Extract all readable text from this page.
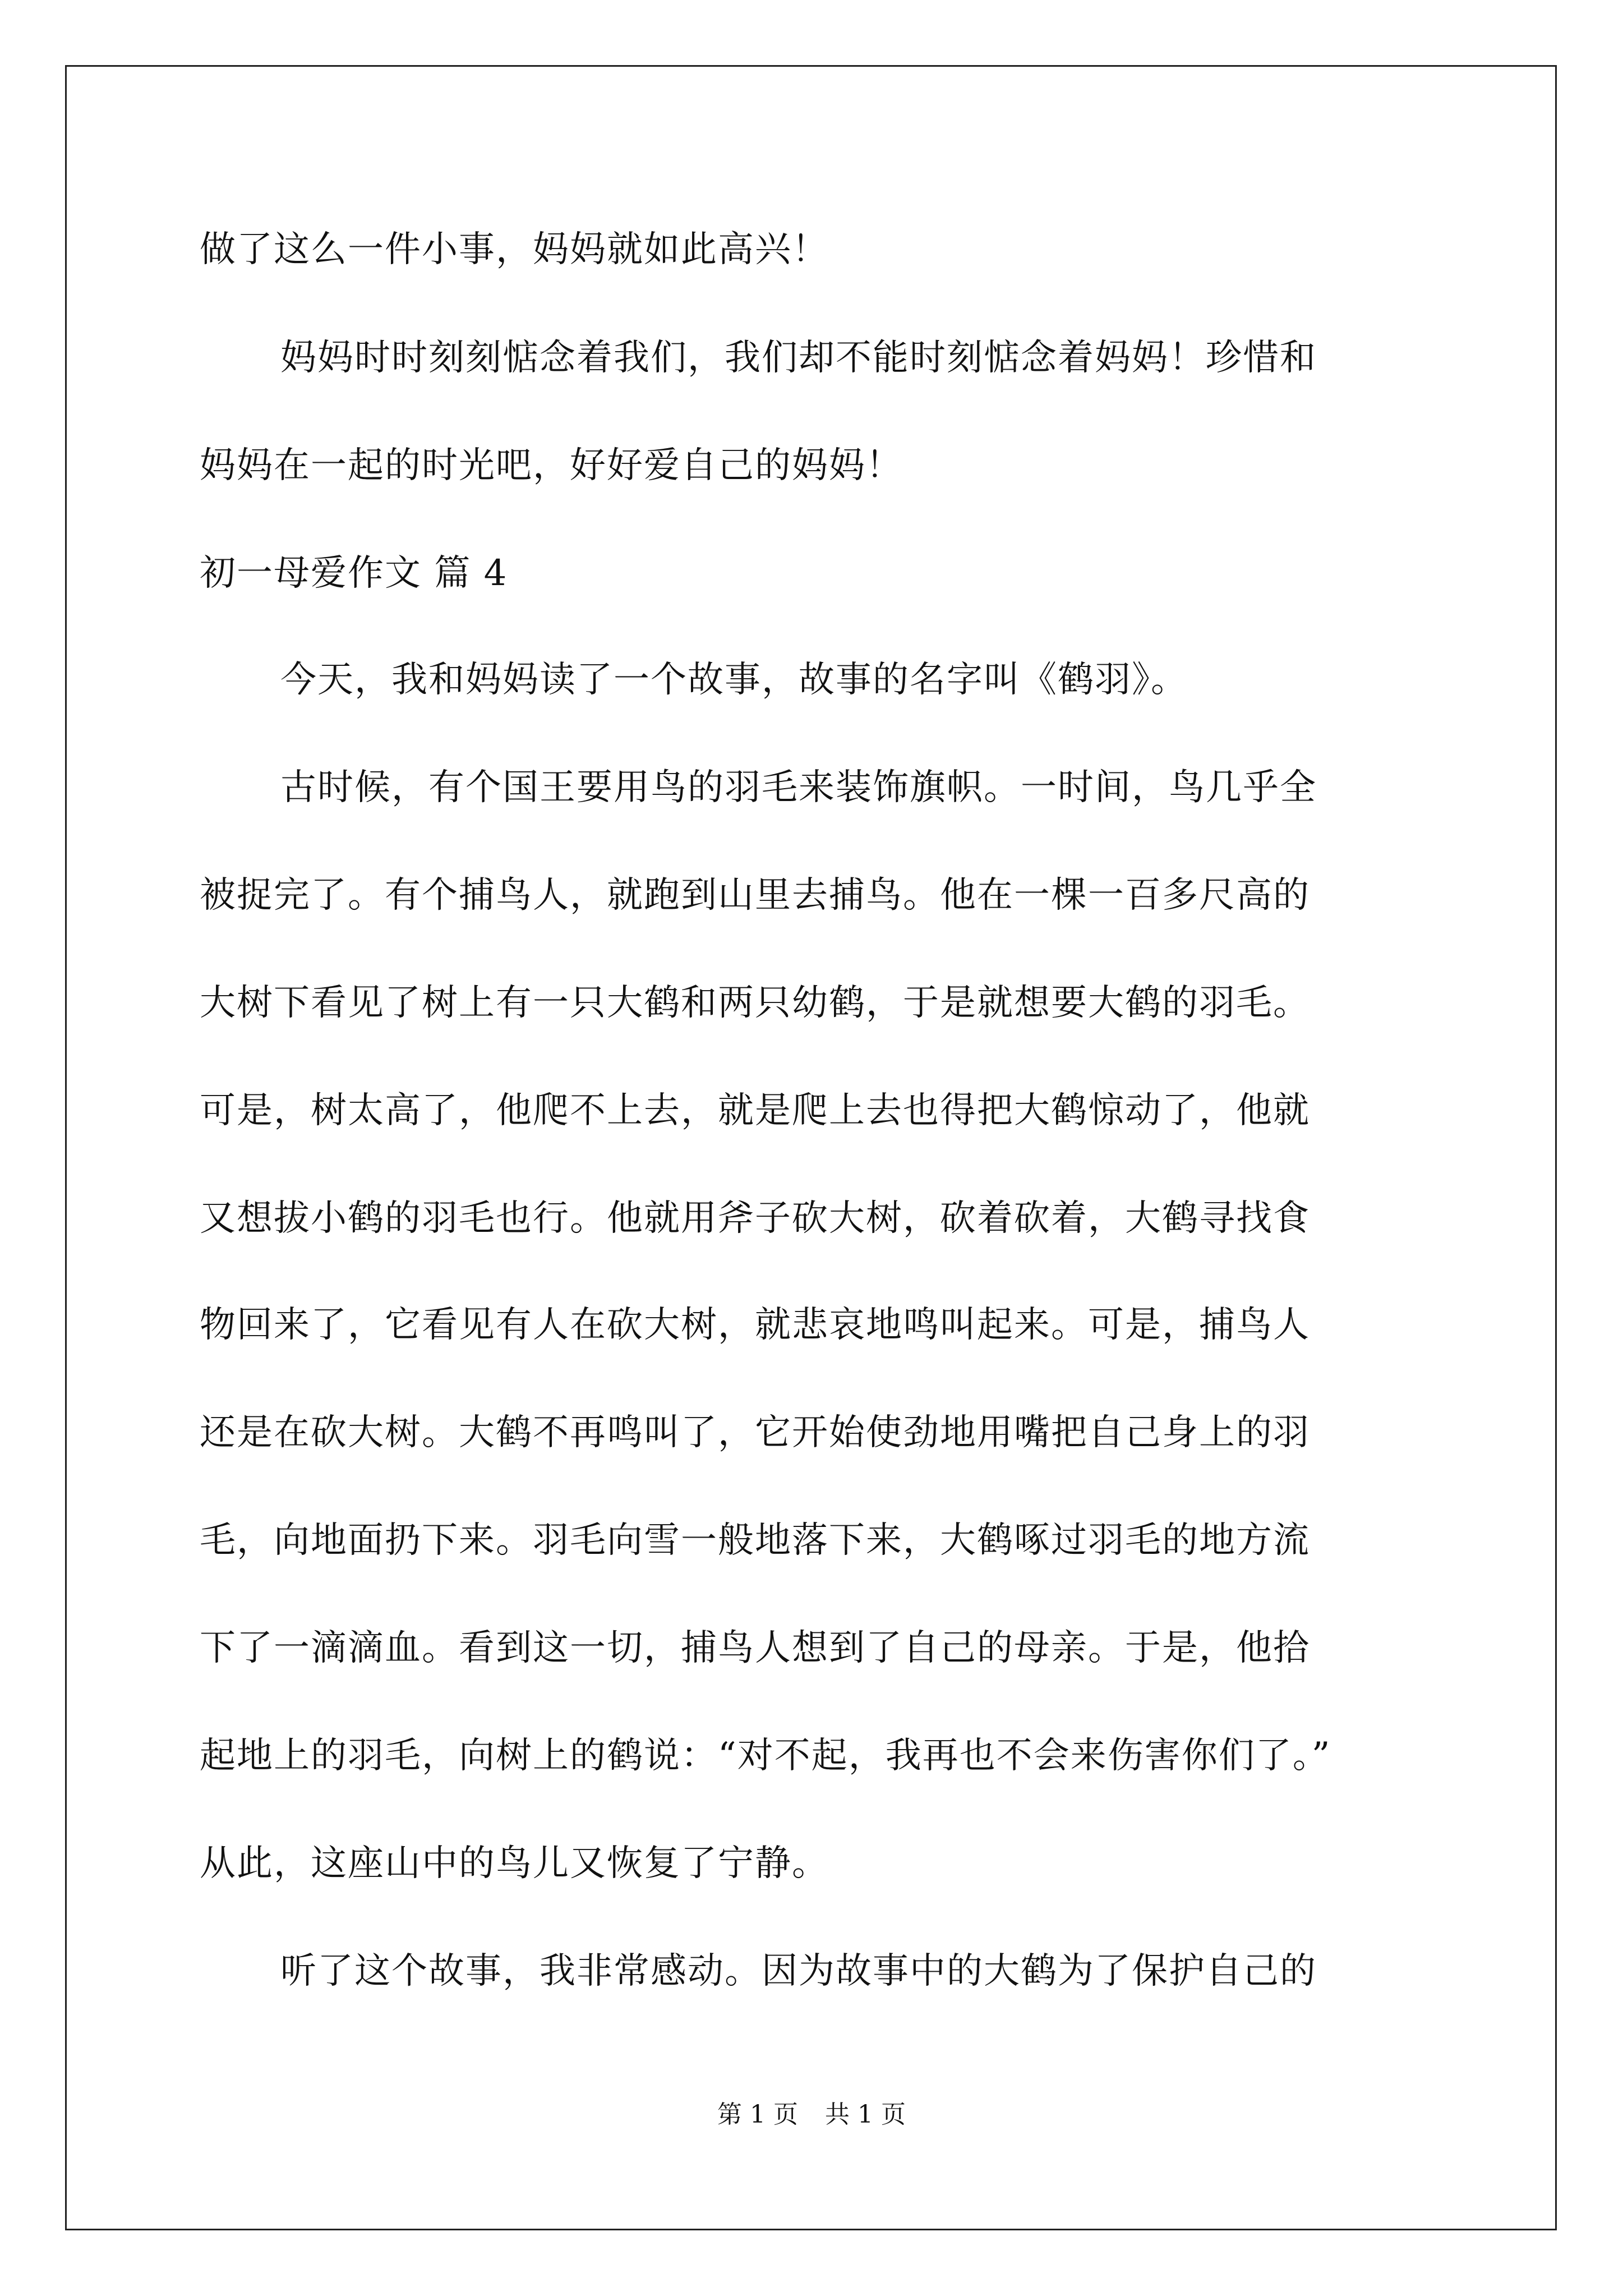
做了这么一件小事，妈妈就如此高兴！
妈妈时时刻刻惦念着我们，我们却不能时刻惦念着妈妈！珍惜和
妈妈在一起的时光吧，好好爱自己的妈妈！
初一母爱作文 篇 4
今天，我和妈妈读了一个故事，故事的名字叫《鹤羽》。
古时候，有个国王要用鸟的羽毛来装饰旗帜。一时间，鸟几乎全
被捉完了。有个捕鸟人，就跑到山里去捕鸟。他在一棵一百多尺高的
大树下看见了树上有一只大鹤和两只幼鹤，于是就想要大鹤的羽毛。
可是，树太高了，他爬不上去，就是爬上去也得把大鹤惊动了，他就
又想拔小鹤的羽毛也行。他就用斧子砍大树，砍着砍着，大鹤寻找食
物回来了，它看见有人在砍大树，就悲哀地鸣叫起来。可是，捕鸟人
还是在砍大树。大鹤不再鸣叫了，它开始使劲地用嘴把自己身上的羽
毛，向地面扔下来。羽毛向雪一般地落下来，大鹤啄过羽毛的地方流
下了一滴滴血。看到这一切，捕鸟人想到了自己的母亲。于是，他拾
起地上的羽毛，向树上的鹤说：“对不起，我再也不会来伤害你们了。”
从此，这座山中的鸟儿又恢复了宁静。
听了这个故事，我非常感动。因为故事中的大鹤为了保护自己的
第 1 页 共 1 页
